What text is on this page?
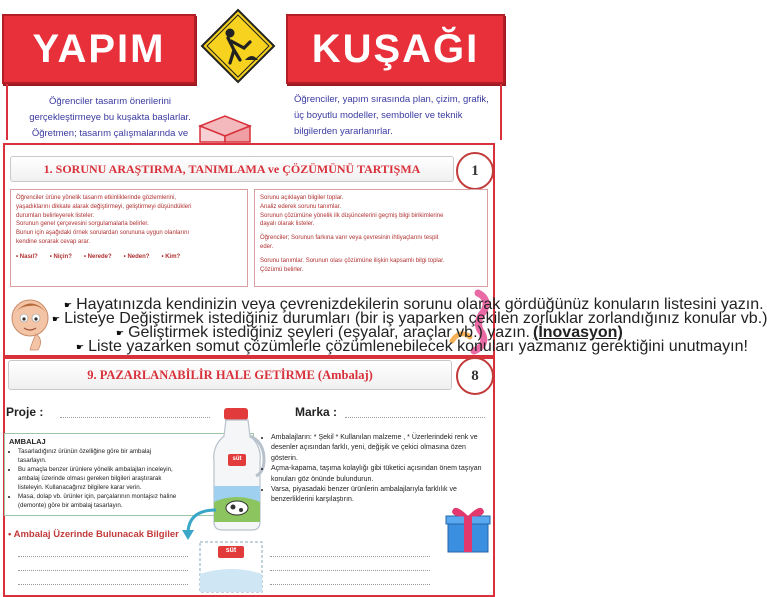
YAPIM	KUŞAĞI
Öğrenciler tasarım önerilerini
gerçekleştirmeye bu kuşakta başlarlar.
Öğretmen; tasarım çalışmalarında ve
Öğrenciler, yapım sırasında plan, çizim, grafik,
üç boyutlu modeller, semboller ve teknik
bilgilerden yararlanırlar.
1. SORUNU ARAŞTIRMA, TANIMLAMA ve ÇÖZÜMÜNÜ TARTIŞMA	1

Öğrenciler ürüne yönelik tasarım etkinliklerinde gözlemlerini,

yaşadıklarını dikkate alarak değiştirmeyi, geliştirmeyi düşündükleri

durumları belirleyerek listeler.

Sorunun genel çerçevesini sorgulamalarla belirler.

Bunun için aşağıdaki örnek sorulardan sorununa uygun olanlarını

kendine sorarak cevap arar.

• Nasıl? • Niçin? • Nerede? • Neden? • Kim?

Sorunu açıklayan bilgiler toplar.

Analiz ederek sorunu tanımlar.

Sorunun çözümüne yönelik ilk düşüncelerini geçmiş bilgi birikimlerine

dayalı olarak listeler.

Öğrenciler; Sorunun farkına varır veya çevresinin ihtiyaçlarını tespit

eder.

Sorunu tanımlar. Sorunun olası çözümüne ilişkin kapsamlı bilgi toplar.

Çözümü belirler.

☛ Hayatınızda kendinizin veya çevrenizdekilerin sorunu olarak gördüğünüz konuların listesini yazın.
☛ Listeye Değiştirmek istediğiniz durumları (bir iş yaparken çekilen zorluklar zorlandığınız konular vb.)
☛ Geliştirmek istediğiniz şeyleri (eşyalar, araçlar vb.) yazın. (İnovasyon)
☛ Liste yazarken somut çözümlerle çözümlenebilecek konuları yazmanız gerektiğini unutmayın!
9. PAZARLANABİLİR HALE GETİRME (Ambalaj)	8
Proje :	Marka :
AMBALAJ
• Tasarladığınız ürünün özelliğine göre bir ambalaj tasarlayın.
• Bu amaçla benzer ürünlere yönelik ambalajları inceleyin, ambalaj üzerinde olması gereken bilgileri araştırarak listeleyin. Kullanacağınız bilgilere karar verin.
• Masa, dolap vb. ürünler için, parçalarının montajsız haline (demonte) göre bir ambalaj tasarlayın.
süt
• Ambalajların: * Şekil * Kullanılan malzeme , * Üzerlerindeki renk ve desenler açısından farklı, yeni, değişik ve çekici olmasına özen gösterin.
• Açma-kapama, taşıma kolaylığı gibi tüketici açısından önem taşıyan konuları göz önünde bulundurun.
• Varsa, piyasadaki benzer ürünlerin ambalajlarıyla farklılık ve benzerliklerini karşılaştırın.
• Ambalaj Üzerinde Bulunacak Bilgiler
süt
